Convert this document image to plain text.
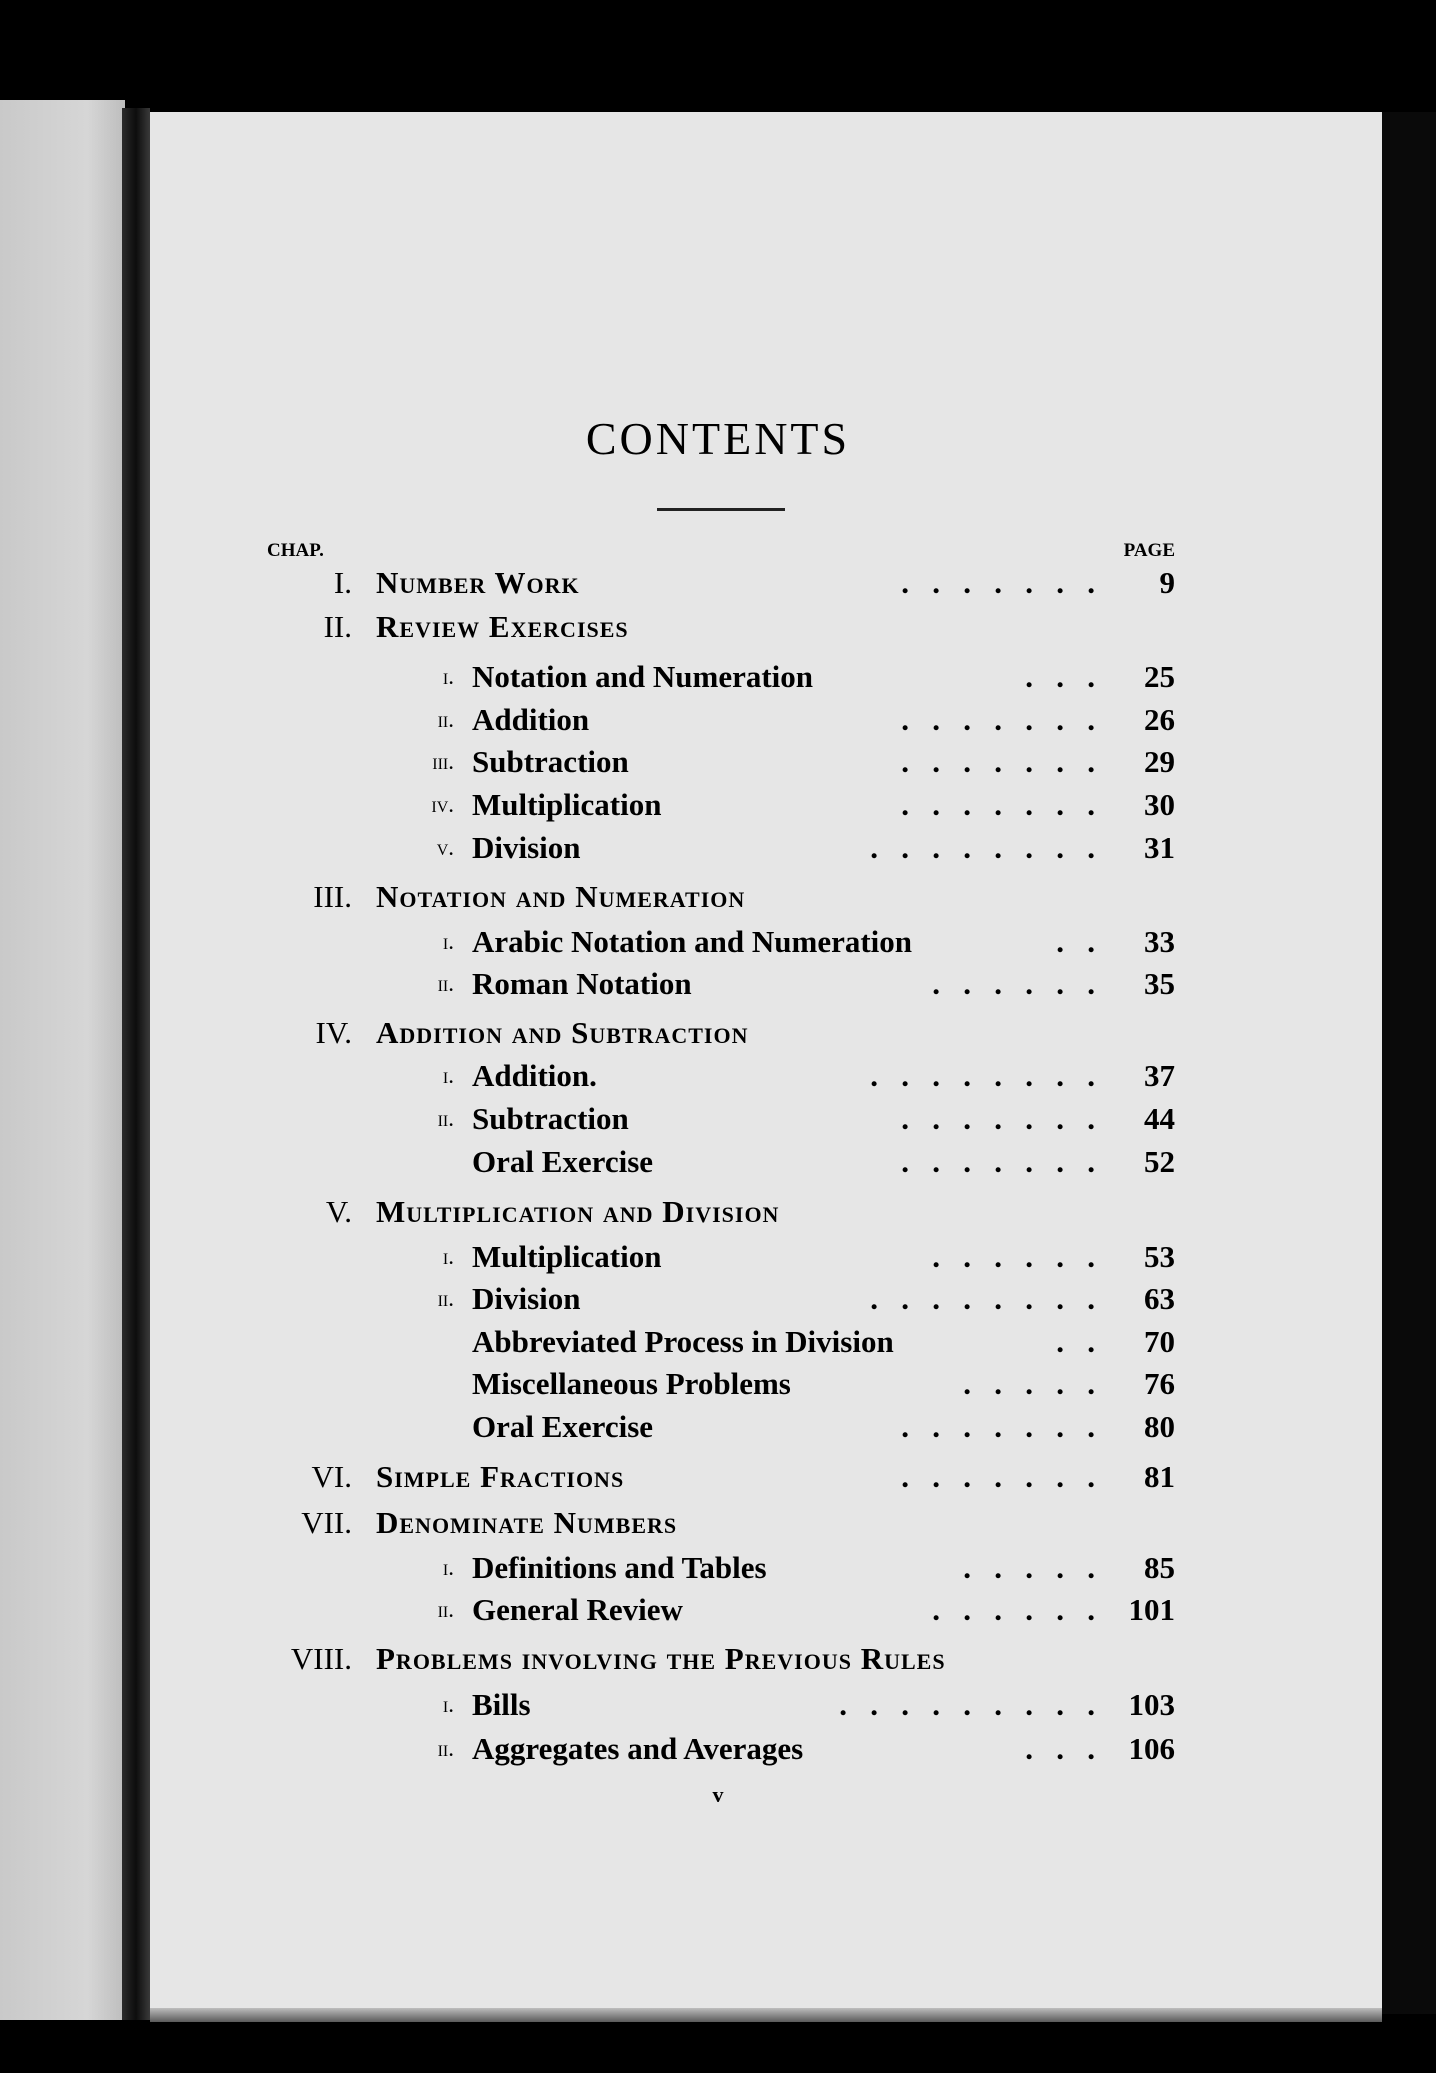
CONTENTS
CHAP.	PAGE
I. Number Work	.   .   .   .   .   .   .	9
II. Review Exercises
i. Notation and Numeration	.   .   .	25
ii. Addition	.   .   .   .   .   .   .	26
iii. Subtraction	.   .   .   .   .   .   .	29
iv. Multiplication	.   .   .   .   .   .   .	30
v. Division	.   .   .   .   .   .   .   .	31
III. Notation and Numeration
i. Arabic Notation and Numeration	.   .	33
ii. Roman Notation	.   .   .   .   .   .	35
IV. Addition and Subtraction
i. Addition.	.   .   .   .   .   .   .   .	37
ii. Subtraction	.   .   .   .   .   .   .	44
Oral Exercise	.   .   .   .   .   .   .	52
V. Multiplication and Division
i. Multiplication	.   .   .   .   .   .	53
ii. Division	.   .   .   .   .   .   .   .	63
Abbreviated Process in Division	.   .	70
Miscellaneous Problems	.   .   .   .   .	76
Oral Exercise	.   .   .   .   .   .   .	80
VI. Simple Fractions	.   .   .   .   .   .   .	81
VII. Denominate Numbers
i. Definitions and Tables	.   .   .   .   .	85
ii. General Review	.   .   .   .   .   .	101
VIII. Problems involving the Previous Rules
i. Bills	.   .   .   .   .   .   .   .   .	103
ii. Aggregates and Averages	.   .   .	106
v
